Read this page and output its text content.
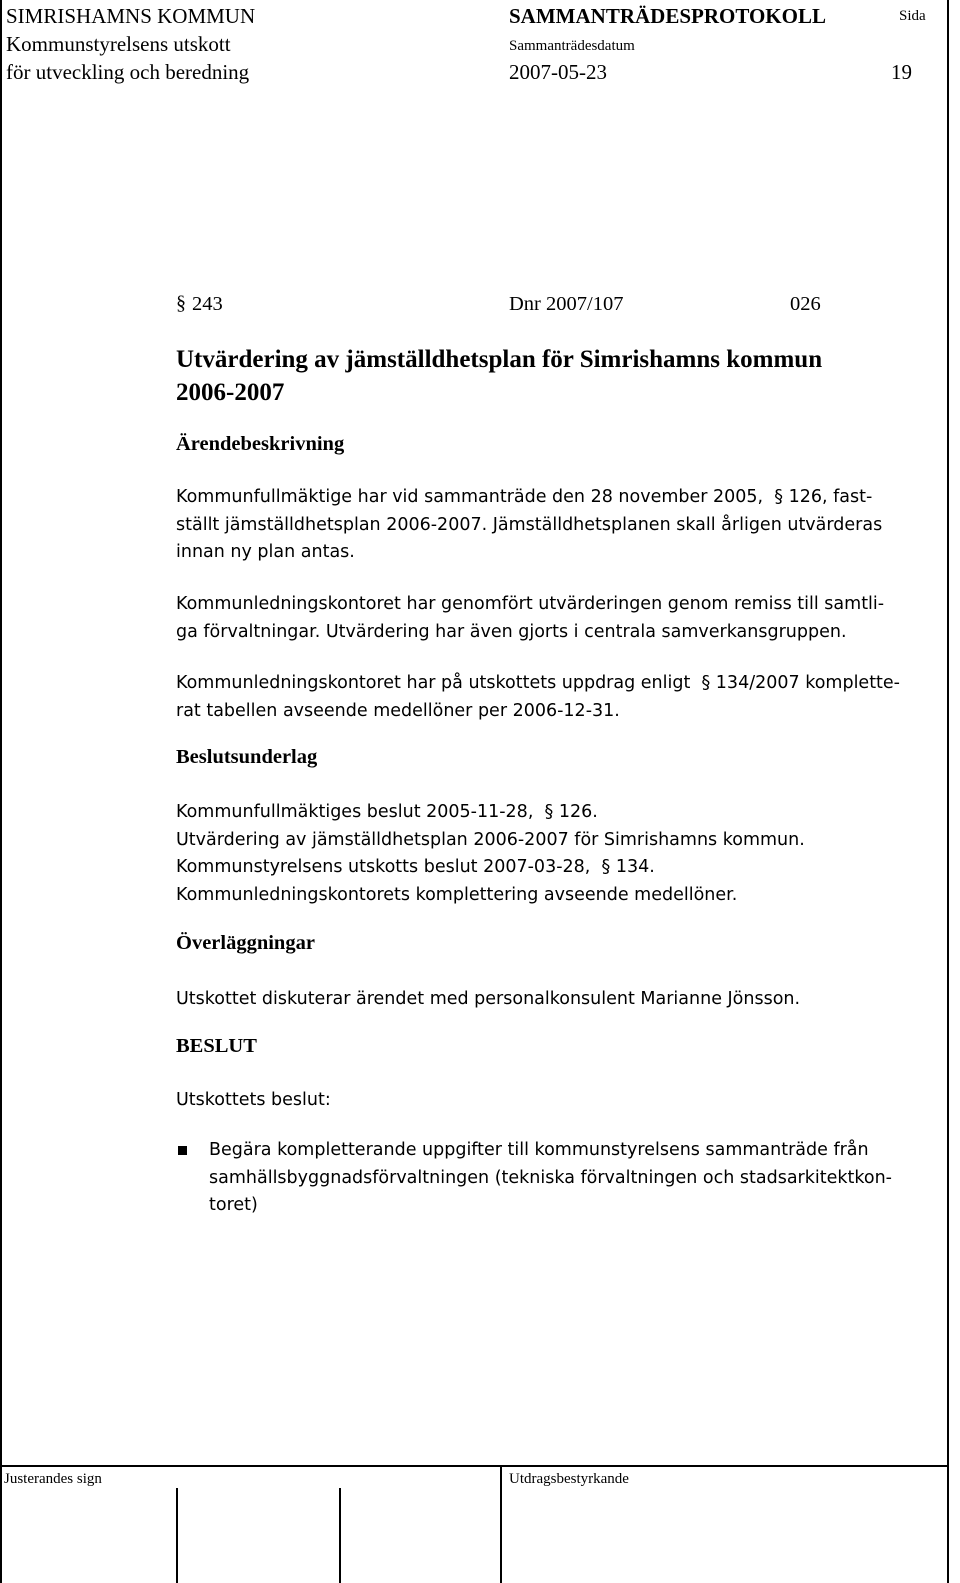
SIMRISHAMNS KOMMUN
Kommunstyrelsens utskott
för utveckling och beredning
SAMMANTRÄDESPROTOKOLL	Sida
Sammanträdesdatum
2007-05-23	19
§ 243	Dnr 2007/107	026
Utvärdering av jämställdhetsplan för Simrishamns kommun
2006-2007
Ärendebeskrivning

Kommunfullmäktige har vid sammanträde den 28 november 2005,  § 126, fast-

ställt jämställdhetsplan 2006-2007. Jämställdhetsplanen skall årligen utvärderas

innan ny plan antas.

Kommunledningskontoret har genomfört utvärderingen genom remiss till samtli-

ga förvaltningar. Utvärdering har även gjorts i centrala samverkansgruppen.

Kommunledningskontoret har på utskottets uppdrag enligt  § 134/2007 komplette-

rat tabellen avseende medellöner per 2006-12-31.

Beslutsunderlag

Kommunfullmäktiges beslut 2005-11-28,  § 126.

Utvärdering av jämställdhetsplan 2006-2007 för Simrishamns kommun.

Kommunstyrelsens utskotts beslut 2007-03-28,  § 134.

Kommunledningskontorets komplettering avseende medellöner.

Överläggningar

Utskottet diskuterar ärendet med personalkonsulent Marianne Jönsson.

BESLUT

Utskottets beslut:

Begära kompletterande uppgifter till kommunstyrelsens sammanträde från

samhällsbyggnadsförvaltningen (tekniska förvaltningen och stadsarkitektkon-

toret)

Justerandes sign	Utdragsbestyrkande
